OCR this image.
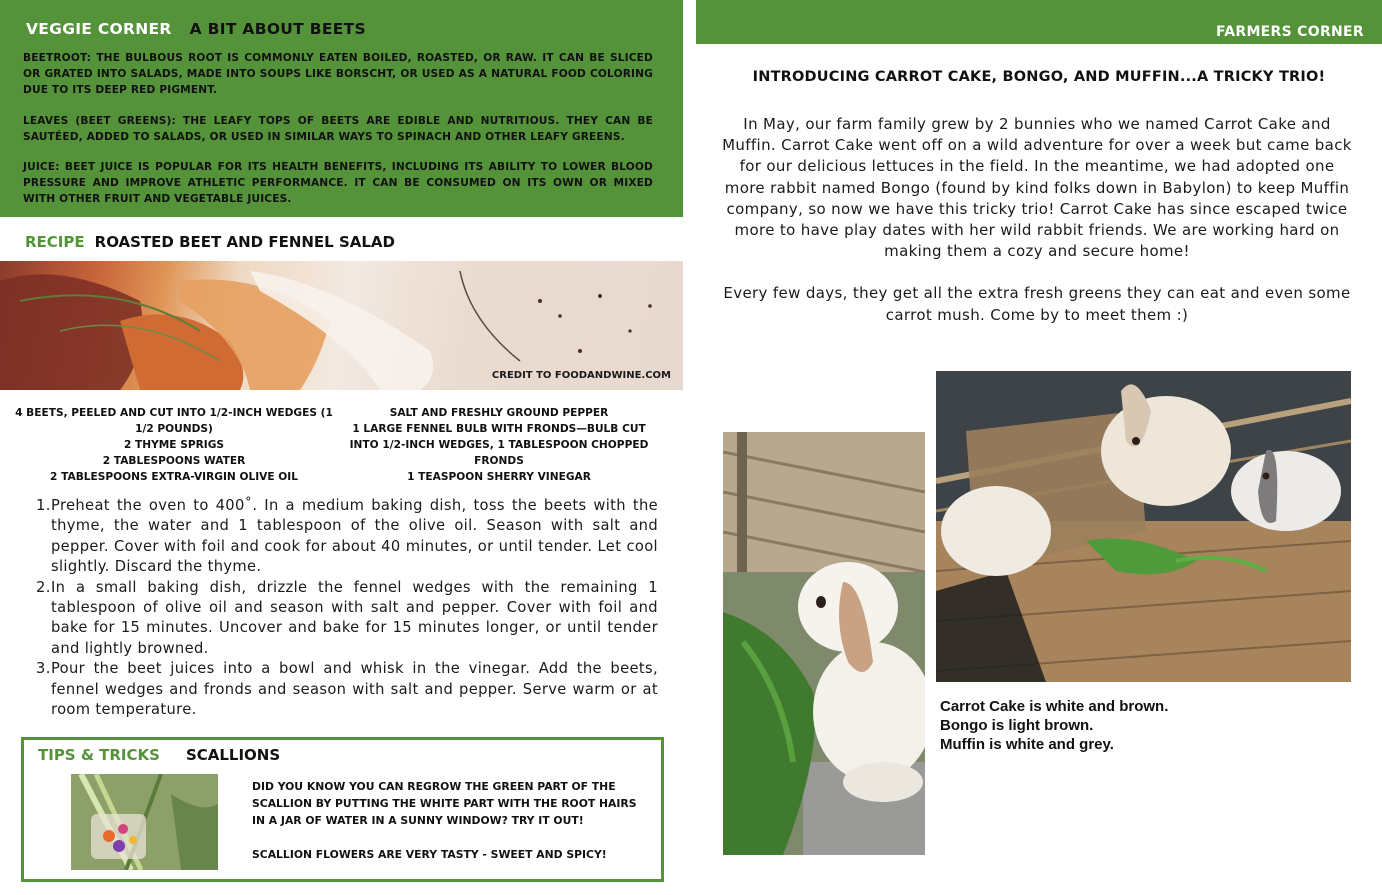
VEGGIE CORNER A BIT ABOUT BEETS

BEETROOT: THE BULBOUS ROOT IS COMMONLY EATEN BOILED, ROASTED, OR RAW. IT CAN BE SLICED OR GRATED INTO SALADS, MADE INTO SOUPS LIKE BORSCHT, OR USED AS A NATURAL FOOD COLORING DUE TO ITS DEEP RED PIGMENT.

LEAVES (BEET GREENS): THE LEAFY TOPS OF BEETS ARE EDIBLE AND NUTRITIOUS. THEY CAN BE SAUTÉED, ADDED TO SALADS, OR USED IN SIMILAR WAYS TO SPINACH AND OTHER LEAFY GREENS.

JUICE: BEET JUICE IS POPULAR FOR ITS HEALTH BENEFITS, INCLUDING ITS ABILITY TO LOWER BLOOD PRESSURE AND IMPROVE ATHLETIC PERFORMANCE. IT CAN BE CONSUMED ON ITS OWN OR MIXED WITH OTHER FRUIT AND VEGETABLE JUICES.

RECIPE ROASTED BEET AND FENNEL SALAD
CREDIT TO FOODANDWINE.COM
4 BEETS, PEELED AND CUT INTO 1/2-INCH WEDGES (1 1/2 POUNDS)
2 THYME SPRIGS
2 TABLESPOONS WATER
2 TABLESPOONS EXTRA-VIRGIN OLIVE OIL
SALT AND FRESHLY GROUND PEPPER
1 LARGE FENNEL BULB WITH FRONDS—BULB CUT INTO 1/2-INCH WEDGES, 1 TABLESPOON CHOPPED FRONDS
1 TEASPOON SHERRY VINEGAR
1. Preheat the oven to 400˚. In a medium baking dish, toss the beets with the thyme, the water and 1 tablespoon of the olive oil. Season with salt and pepper. Cover with foil and cook for about 40 minutes, or until tender. Let cool slightly. Discard the thyme.
2. In a small baking dish, drizzle the fennel wedges with the remaining 1 tablespoon of olive oil and season with salt and pepper. Cover with foil and bake for 15 minutes. Uncover and bake for 15 minutes longer, or until tender and lightly browned.
3. Pour the beet juices into a bowl and whisk in the vinegar. Add the beets, fennel wedges and fronds and season with salt and pepper. Serve warm or at room temperature.
TIPS & TRICKS SCALLIONS

DID YOU KNOW YOU CAN REGROW THE GREEN PART OF THE SCALLION BY PUTTING THE WHITE PART WITH THE ROOT HAIRS IN A JAR OF WATER IN A SUNNY WINDOW? TRY IT OUT!

SCALLION FLOWERS ARE VERY TASTY - SWEET AND SPICY!

FARMERS CORNER
INTRODUCING CARROT CAKE, BONGO, AND MUFFIN...A TRICKY TRIO!

In May, our farm family grew by 2 bunnies who we named Carrot Cake and Muffin. Carrot Cake went off on a wild adventure for over a week but came back for our delicious lettuces in the field. In the meantime, we had adopted one more rabbit named Bongo (found by kind folks down in Babylon) to keep Muffin company, so now we have this tricky trio! Carrot Cake has since escaped twice more to have play dates with her wild rabbit friends. We are working hard on making them a cozy and secure home!

Every few days, they get all the extra fresh greens they can eat and even some carrot mush. Come by to meet them :)

Carrot Cake is white and brown.
Bongo is light brown.
Muffin is white and grey.
